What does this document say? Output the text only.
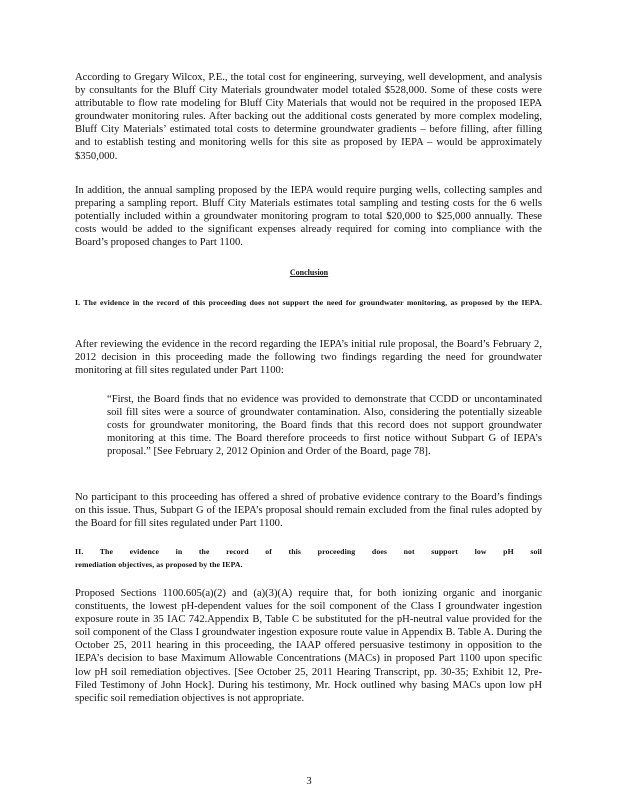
According to Gregary Wilcox, P.E., the total cost for engineering, surveying, well development, and analysis by consultants for the Bluff City Materials groundwater model totaled $528,000. Some of these costs were attributable to flow rate modeling for Bluff City Materials that would not be required in the proposed IEPA groundwater monitoring rules. After backing out the additional costs generated by more complex modeling, Bluff City Materials’ estimated total costs to determine groundwater gradients – before filling, after filling and to establish testing and monitoring wells for this site as proposed by IEPA – would be approximately $350,000.

In addition, the annual sampling proposed by the IEPA would require purging wells, collecting samples and preparing a sampling report. Bluff City Materials estimates total sampling and testing costs for the 6 wells potentially included within a groundwater monitoring program to total $20,000 to $25,000 annually. These costs would be added to the significant expenses already required for coming into compliance with the Board’s proposed changes to Part 1100.

Conclusion

I. The evidence in the record of this proceeding does not support the need for groundwater monitoring, as proposed by the IEPA.

After reviewing the evidence in the record regarding the IEPA’s initial rule proposal, the Board’s February 2, 2012 decision in this proceeding made the following two findings regarding the need for groundwater monitoring at fill sites regulated under Part 1100:

“First, the Board finds that no evidence was provided to demonstrate that CCDD or uncontaminated soil fill sites were a source of groundwater contamination. Also, considering the potentially sizeable costs for groundwater monitoring, the Board finds that this record does not support groundwater monitoring at this time. The Board therefore proceeds to first notice without Subpart G of IEPA’s proposal.” [See February 2, 2012 Opinion and Order of the Board, page 78].

No participant to this proceeding has offered a shred of probative evidence contrary to the Board’s findings on this issue. Thus, Subpart G of the IEPA’s proposal should remain excluded from the final rules adopted by the Board for fill sites regulated under Part 1100.

II. The evidence in the record of this proceeding does not support low pH soil

remediation objectives, as proposed by the IEPA.

Proposed Sections 1100.605(a)(2) and (a)(3)(A) require that, for both ionizing organic and inorganic constituents, the lowest pH-dependent values for the soil component of the Class I groundwater ingestion exposure route in 35 IAC 742.Appendix B, Table C be substituted for the pH-neutral value provided for the soil component of the Class I groundwater ingestion exposure route value in Appendix B. Table A. During the October 25, 2011 hearing in this proceeding, the IAAP offered persuasive testimony in opposition to the IEPA’s decision to base Maximum Allowable Concentrations (MACs) in proposed Part 1100 upon specific low pH soil remediation objectives. [See October 25, 2011 Hearing Transcript, pp. 30-35; Exhibit 12, Pre-Filed Testimony of John Hock]. During his testimony, Mr. Hock outlined why basing MACs upon low pH specific soil remediation objectives is not appropriate.

3
